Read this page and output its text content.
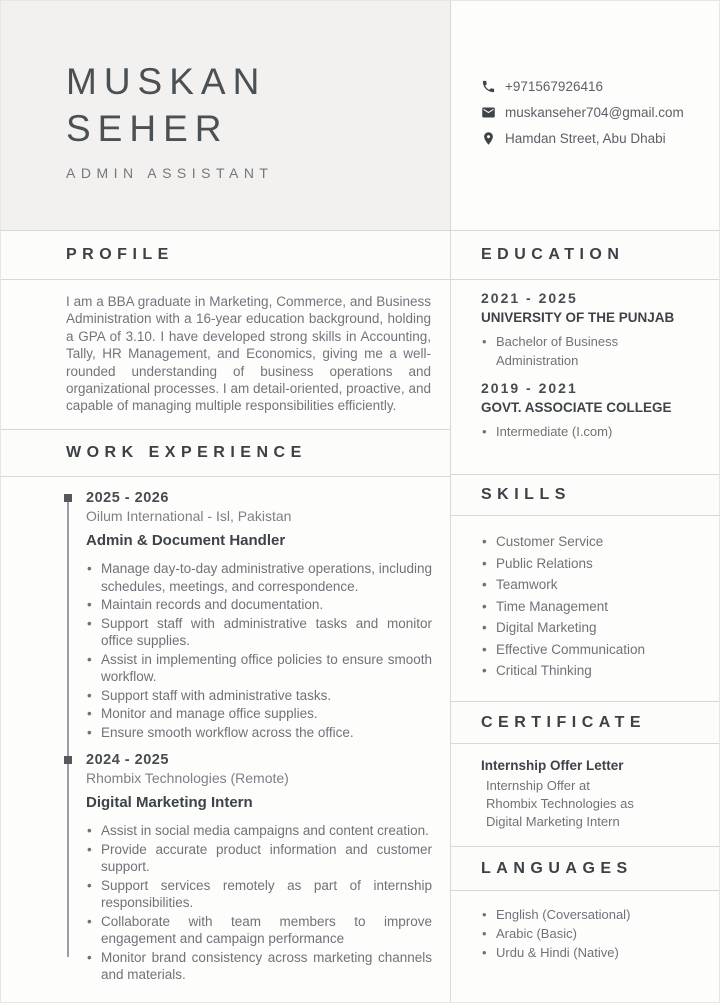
MUSKAN
SEHER
ADMIN ASSISTANT
PROFILE
I am a BBA graduate in Marketing, Commerce, and Business Administration with a 16-year education background, holding a GPA of 3.10. I have developed strong skills in Accounting, Tally, HR Management, and Economics, giving me a well-rounded understanding of business operations and organizational processes. I am detail-oriented, proactive, and capable of managing multiple responsibilities efficiently.
WORK EXPERIENCE
2025 - 2026
Oilum International - Isl, Pakistan
Admin & Document Handler
• Manage day-to-day administrative operations, including schedules, meetings, and correspondence.
• Maintain records and documentation.
• Support staff with administrative tasks and monitor office supplies.
• Assist in implementing office policies to ensure smooth workflow.
• Support staff with administrative tasks.
• Monitor and manage office supplies.
• Ensure smooth workflow across the office.
2024 - 2025
Rhombix Technologies (Remote)
Digital Marketing Intern
• Assist in social media campaigns and content creation.
• Provide accurate product information and customer support.
• Support services remotely as part of internship responsibilities.
• Collaborate with team members to improve engagement and campaign performance
• Monitor brand consistency across marketing channels and materials.
+971567926416
muskanseher704@gmail.com
Hamdan Street, Abu Dhabi
EDUCATION
2021 - 2025
UNIVERSITY OF THE PUNJAB
• Bachelor of Business Administration
2019 - 2021
GOVT. ASSOCIATE COLLEGE
• Intermediate (I.com)
SKILLS
• Customer Service
• Public Relations
• Teamwork
• Time Management
• Digital Marketing
• Effective Communication
• Critical Thinking
CERTIFICATE
Internship Offer Letter
Internship Offer at
Rhombix Technologies as
Digital Marketing Intern
LANGUAGES
• English (Coversational)
• Arabic (Basic)
• Urdu & Hindi (Native)
